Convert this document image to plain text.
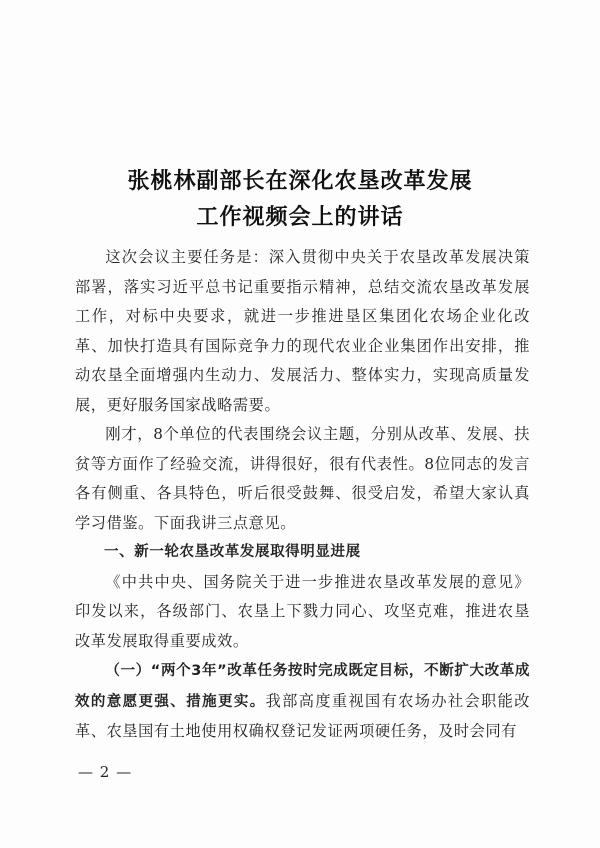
张桃林副部长在深化农垦改革发展
工作视频会上的讲话

这次会议主要任务是：深入贯彻中央关于农垦改革发展决策部署，落实习近平总书记重要指示精神，总结交流农垦改革发展工作，对标中央要求，就进一步推进垦区集团化农场企业化改革、加快打造具有国际竞争力的现代农业企业集团作出安排，推动农垦全面增强内生动力、发展活力、整体实力，实现高质量发展，更好服务国家战略需要。

刚才，8个单位的代表围绕会议主题，分别从改革、发展、扶贫等方面作了经验交流，讲得很好，很有代表性。8位同志的发言各有侧重、各具特色，听后很受鼓舞、很受启发，希望大家认真学习借鉴。下面我讲三点意见。

一、新一轮农垦改革发展取得明显进展

《中共中央、国务院关于进一步推进农垦改革发展的意见》印发以来，各级部门、农垦上下戮力同心、攻坚克难，推进农垦改革发展取得重要成效。

（一）“两个3年”改革任务按时完成既定目标，不断扩大改革成效的意愿更强、措施更实。我部高度重视国有农场办社会职能改革、农垦国有土地使用权确权登记发证两项硬任务，及时会同有

— 2 —
